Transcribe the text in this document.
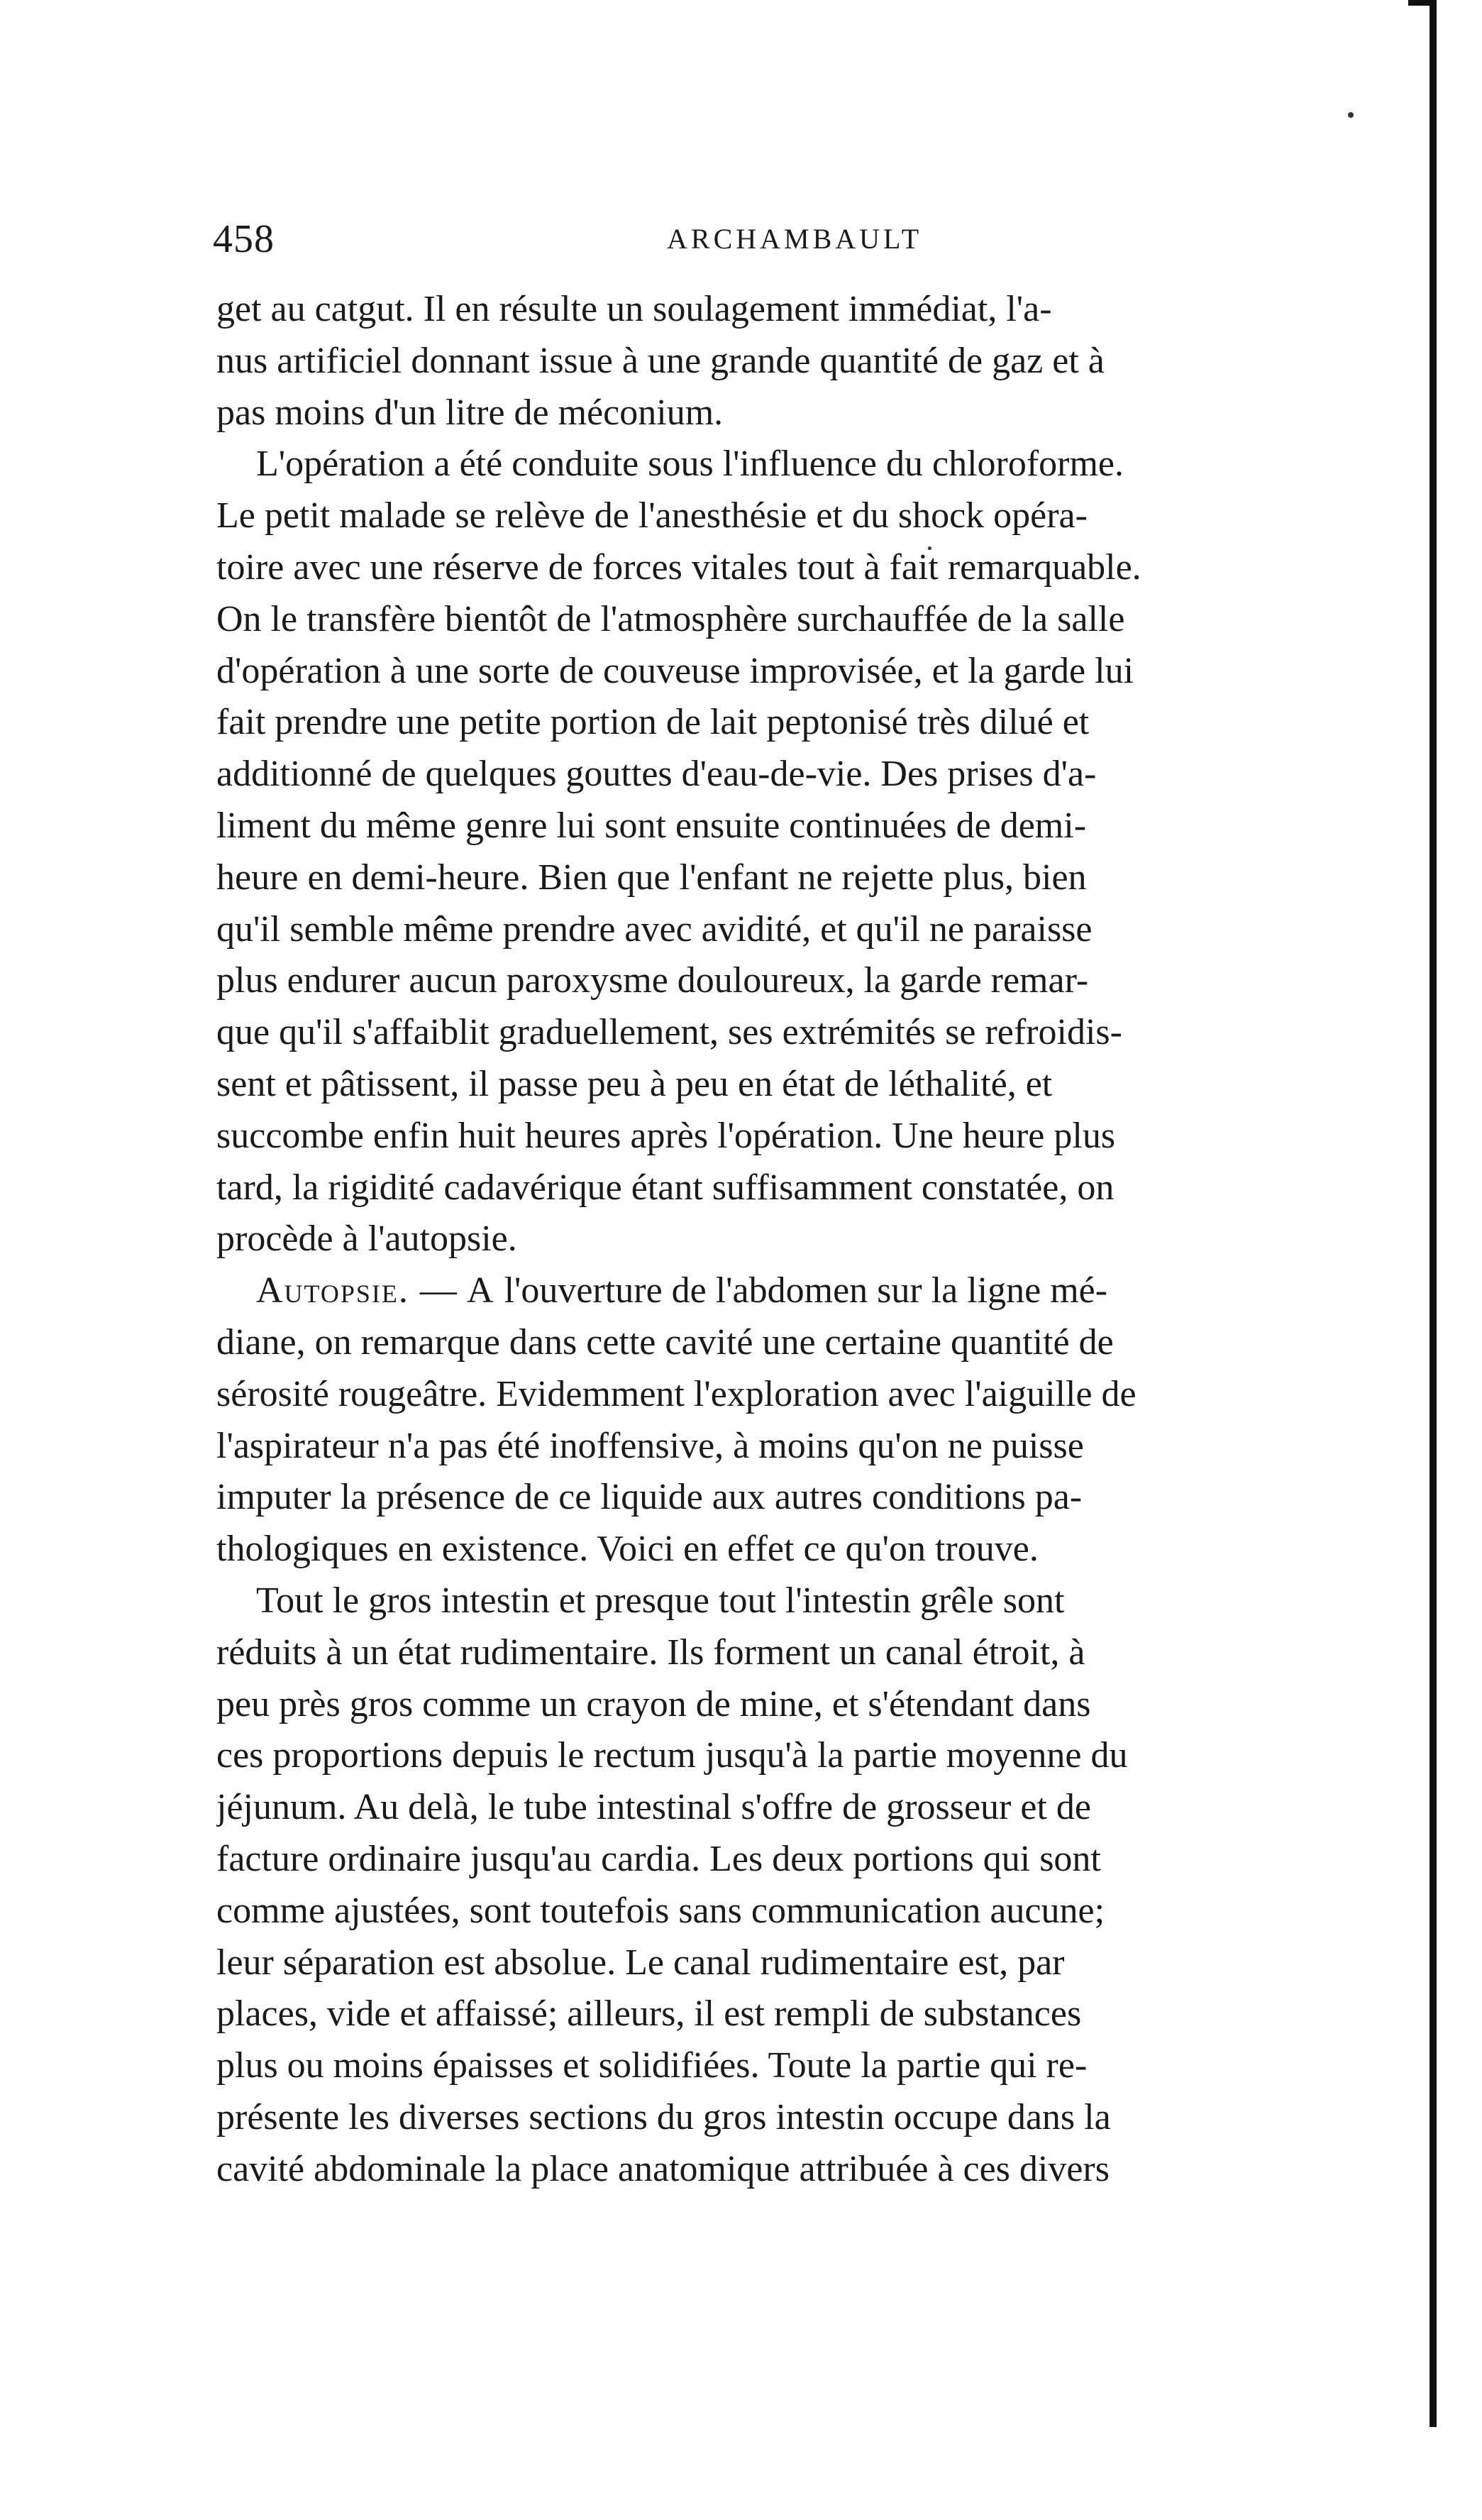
458	ARCHAMBAULT
get au catgut. Il en résulte un soulagement immédiat, l'a-
nus artificiel donnant issue à une grande quantité de gaz et à
pas moins d'un litre de méconium.
L'opération a été conduite sous l'influence du chloroforme.
Le petit malade se relève de l'anesthésie et du shock opéra-
toire avec une réserve de forces vitales tout à fait remarquable.
On le transfère bientôt de l'atmosphère surchauffée de la salle
d'opération à une sorte de couveuse improvisée, et la garde lui
fait prendre une petite portion de lait peptonisé très dilué et
additionné de quelques gouttes d'eau-de-vie. Des prises d'a-
liment du même genre lui sont ensuite continuées de demi-
heure en demi-heure. Bien que l'enfant ne rejette plus, bien
qu'il semble même prendre avec avidité, et qu'il ne paraisse
plus endurer aucun paroxysme douloureux, la garde remar-
que qu'il s'affaiblit graduellement, ses extrémités se refroidis-
sent et pâtissent, il passe peu à peu en état de léthalité, et
succombe enfin huit heures après l'opération. Une heure plus
tard, la rigidité cadavérique étant suffisamment constatée, on
procède à l'autopsie.
Autopsie. — A l'ouverture de l'abdomen sur la ligne mé-
diane, on remarque dans cette cavité une certaine quantité de
sérosité rougeâtre. Evidemment l'exploration avec l'aiguille de
l'aspirateur n'a pas été inoffensive, à moins qu'on ne puisse
imputer la présence de ce liquide aux autres conditions pa-
thologiques en existence. Voici en effet ce qu'on trouve.
Tout le gros intestin et presque tout l'intestin grêle sont
réduits à un état rudimentaire. Ils forment un canal étroit, à
peu près gros comme un crayon de mine, et s'étendant dans
ces proportions depuis le rectum jusqu'à la partie moyenne du
jéjunum. Au delà, le tube intestinal s'offre de grosseur et de
facture ordinaire jusqu'au cardia. Les deux portions qui sont
comme ajustées, sont toutefois sans communication aucune;
leur séparation est absolue. Le canal rudimentaire est, par
places, vide et affaissé; ailleurs, il est rempli de substances
plus ou moins épaisses et solidifiées. Toute la partie qui re-
présente les diverses sections du gros intestin occupe dans la
cavité abdominale la place anatomique attribuée à ces divers
